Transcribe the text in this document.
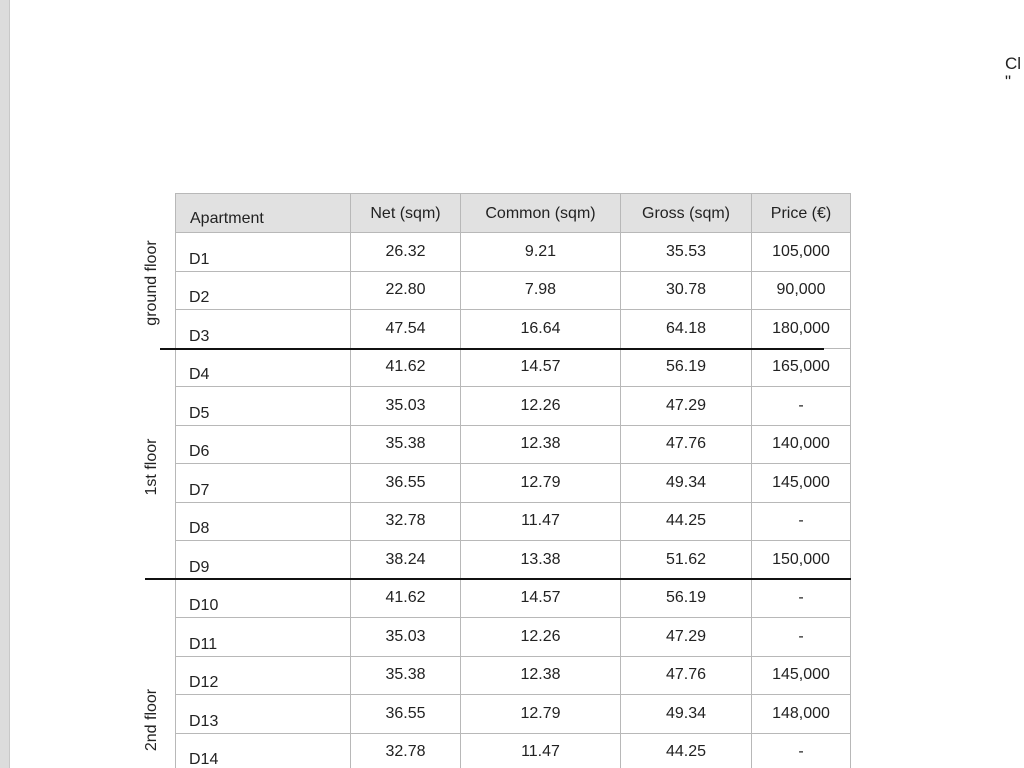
Cl
"
Apartment	Net (sqm)	Common (sqm)	Gross (sqm)	Price (€)
D1	26.32	9.21	35.53	105,000
D2	22.80	7.98	30.78	90,000
D3	47.54	16.64	64.18	180,000
D4	41.62	14.57	56.19	165,000
D5	35.03	12.26	47.29	-
D6	35.38	12.38	47.76	140,000
D7	36.55	12.79	49.34	145,000
D8	32.78	11.47	44.25	-
D9	38.24	13.38	51.62	150,000
D10	41.62	14.57	56.19	-
D11	35.03	12.26	47.29	-
D12	35.38	12.38	47.76	145,000
D13	36.55	12.79	49.34	148,000
D14	32.78	11.47	44.25	-
ground floor
1st floor
2nd floor
